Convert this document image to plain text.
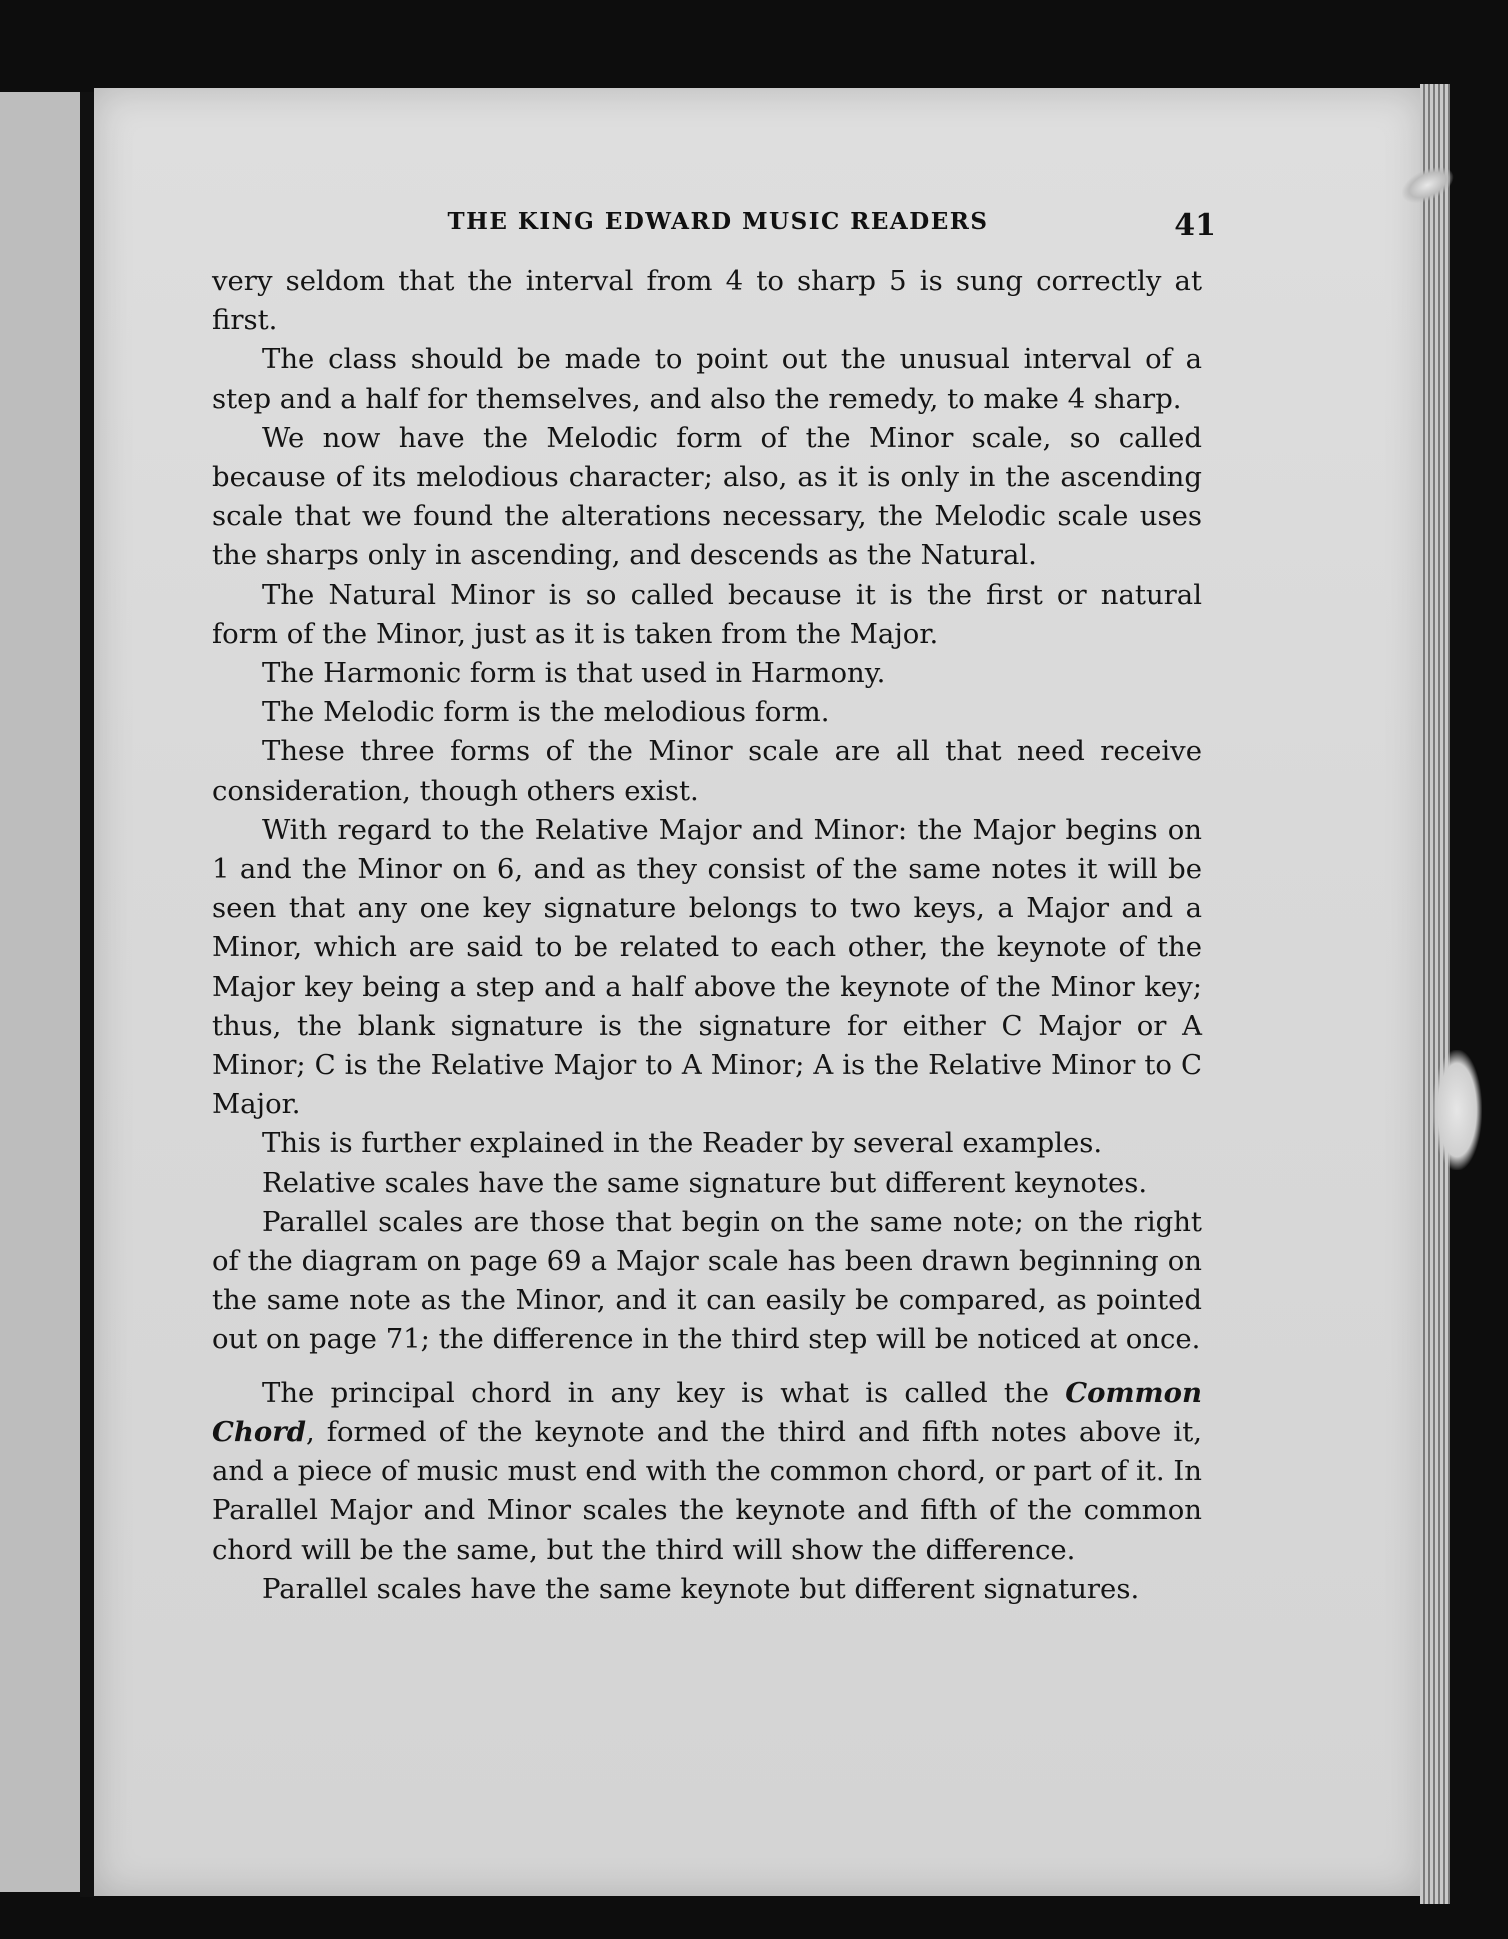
THE KING EDWARD MUSIC READERS	41

very seldom that the interval from 4 to sharp 5 is sung correctly at first.

The class should be made to point out the unusual interval of a step and a half for themselves, and also the remedy, to make 4 sharp.

We now have the Melodic form of the Minor scale, so called because of its melodious character; also, as it is only in the ascending scale that we found the alterations necessary, the Melodic scale uses the sharps only in ascending, and descends as the Natural.

The Natural Minor is so called because it is the first or natural form of the Minor, just as it is taken from the Major.

The Harmonic form is that used in Harmony.

The Melodic form is the melodious form.

These three forms of the Minor scale are all that need receive consideration, though others exist.

With regard to the Relative Major and Minor: the Major begins on 1 and the Minor on 6, and as they consist of the same notes it will be seen that any one key signature belongs to two keys, a Major and a Minor, which are said to be related to each other, the keynote of the Major key being a step and a half above the keynote of the Minor key; thus, the blank signature is the signature for either C Major or A Minor; C is the Relative Major to A Minor; A is the Relative Minor to C Major.

This is further explained in the Reader by several examples.

Relative scales have the same signature but different keynotes.

Parallel scales are those that begin on the same note; on the right of the diagram on page 69 a Major scale has been drawn beginning on the same note as the Minor, and it can easily be compared, as pointed out on page 71; the difference in the third step will be noticed at once.

The principal chord in any key is what is called the Common Chord, formed of the keynote and the third and fifth notes above it, and a piece of music must end with the common chord, or part of it. In Parallel Major and Minor scales the keynote and fifth of the common chord will be the same, but the third will show the difference.

Parallel scales have the same keynote but different signatures.
